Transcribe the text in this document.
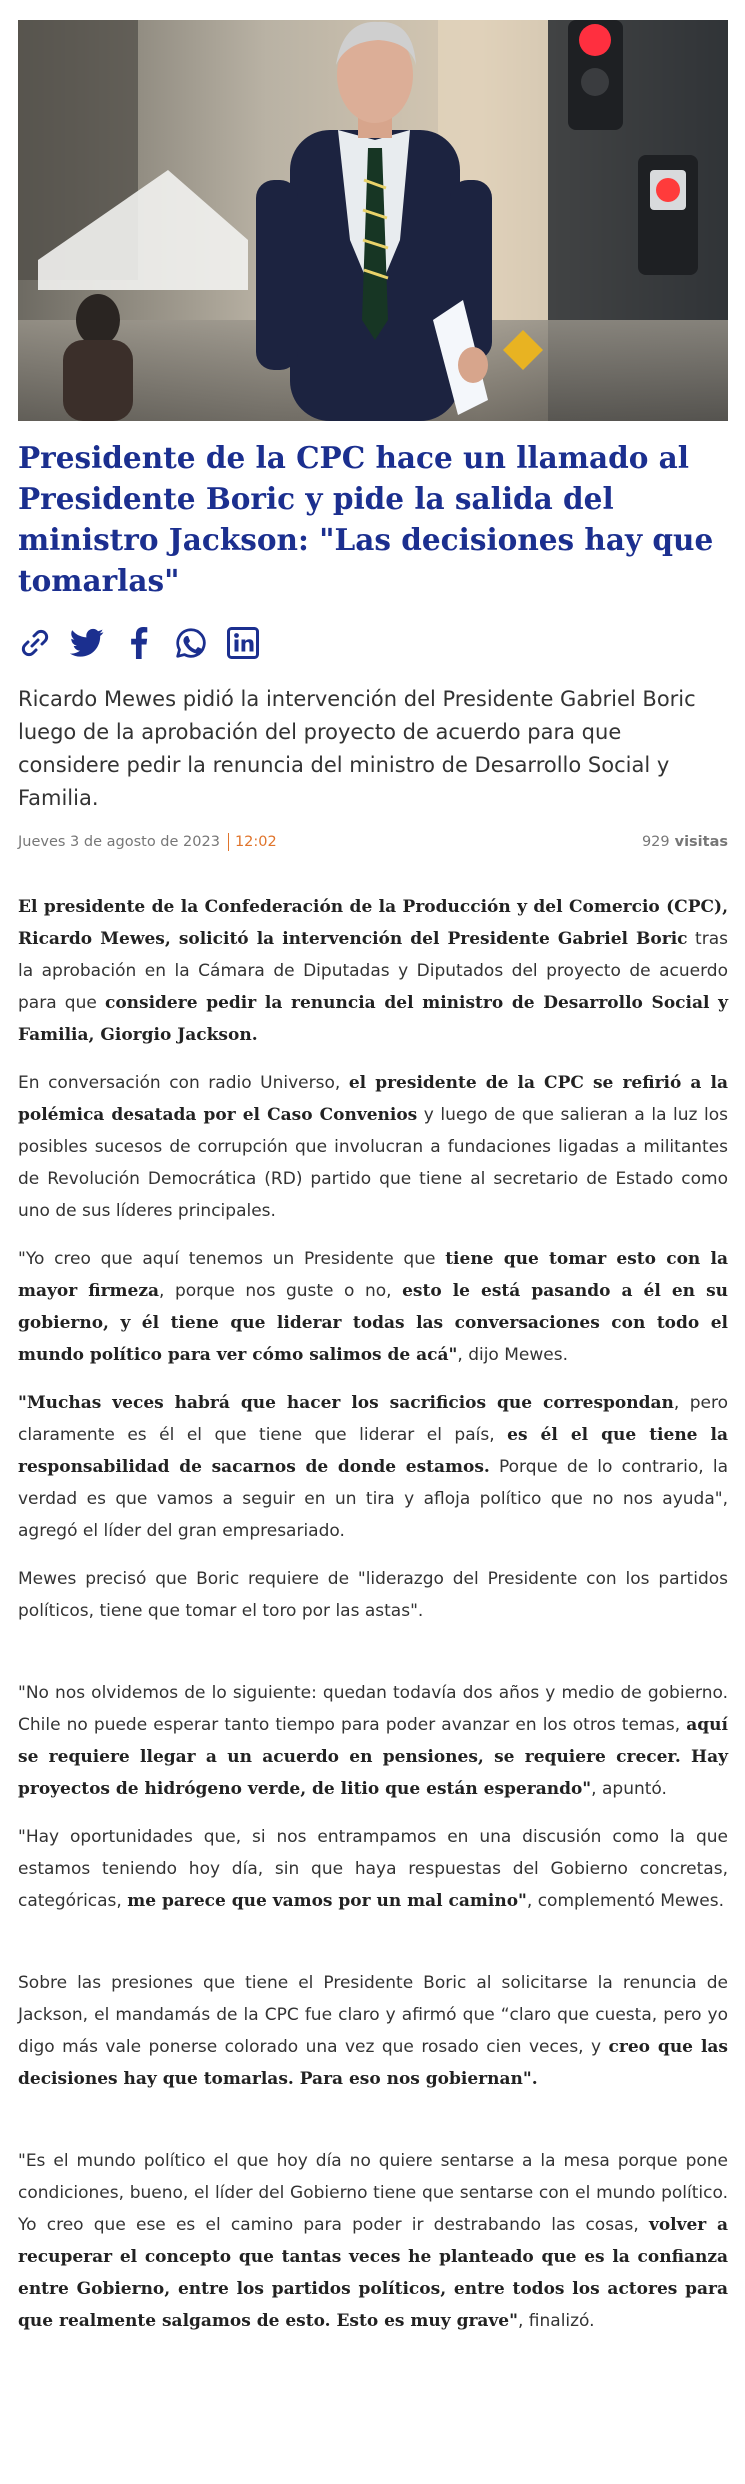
Presidente de la CPC hace un llamado al Presidente Boric y pide la salida del ministro Jackson: "Las decisiones hay que tomarlas"

Ricardo Mewes pidió la intervención del Presidente Gabriel Boric luego de la aprobación del proyecto de acuerdo para que considere pedir la renuncia del ministro de Desarrollo Social y Familia.

Jueves 3 de agosto de 2023 12:02	929 visitas

El presidente de la Confederación de la Producción y del Comercio (CPC), Ricardo Mewes, solicitó la intervención del Presidente Gabriel Boric tras la aprobación en la Cámara de Diputadas y Diputados del proyecto de acuerdo para que considere pedir la renuncia del ministro de Desarrollo Social y Familia, Giorgio Jackson.

En conversación con radio Universo, el presidente de la CPC se refirió a la polémica desatada por el Caso Convenios y luego de que salieran a la luz los posibles sucesos de corrupción que involucran a fundaciones ligadas a militantes de Revolución Democrática (RD) partido que tiene al secretario de Estado como uno de sus líderes principales.

"Yo creo que aquí tenemos un Presidente que tiene que tomar esto con la mayor firmeza, porque nos guste o no, esto le está pasando a él en su gobierno, y él tiene que liderar todas las conversaciones con todo el mundo político para ver cómo salimos de acá", dijo Mewes.

"Muchas veces habrá que hacer los sacrificios que correspondan, pero claramente es él el que tiene que liderar el país, es él el que tiene la responsabilidad de sacarnos de donde estamos. Porque de lo contrario, la verdad es que vamos a seguir en un tira y afloja político que no nos ayuda", agregó el líder del gran empresariado.

Mewes precisó que Boric requiere de "liderazgo del Presidente con los partidos políticos, tiene que tomar el toro por las astas".

"No nos olvidemos de lo siguiente: quedan todavía dos años y medio de gobierno. Chile no puede esperar tanto tiempo para poder avanzar en los otros temas, aquí se requiere llegar a un acuerdo en pensiones, se requiere crecer. Hay proyectos de hidrógeno verde, de litio que están esperando", apuntó.

"Hay oportunidades que, si nos entrampamos en una discusión como la que estamos teniendo hoy día, sin que haya respuestas del Gobierno concretas, categóricas, me parece que vamos por un mal camino", complementó Mewes.

Sobre las presiones que tiene el Presidente Boric al solicitarse la renuncia de Jackson, el mandamás de la CPC fue claro y afirmó que “claro que cuesta, pero yo digo más vale ponerse colorado una vez que rosado cien veces, y creo que las decisiones hay que tomarlas. Para eso nos gobiernan".

"Es el mundo político el que hoy día no quiere sentarse a la mesa porque pone condiciones, bueno, el líder del Gobierno tiene que sentarse con el mundo político. Yo creo que ese es el camino para poder ir destrabando las cosas, volver a recuperar el concepto que tantas veces he planteado que es la confianza entre Gobierno, entre los partidos políticos, entre todos los actores para que realmente salgamos de esto. Esto es muy grave", finalizó.
